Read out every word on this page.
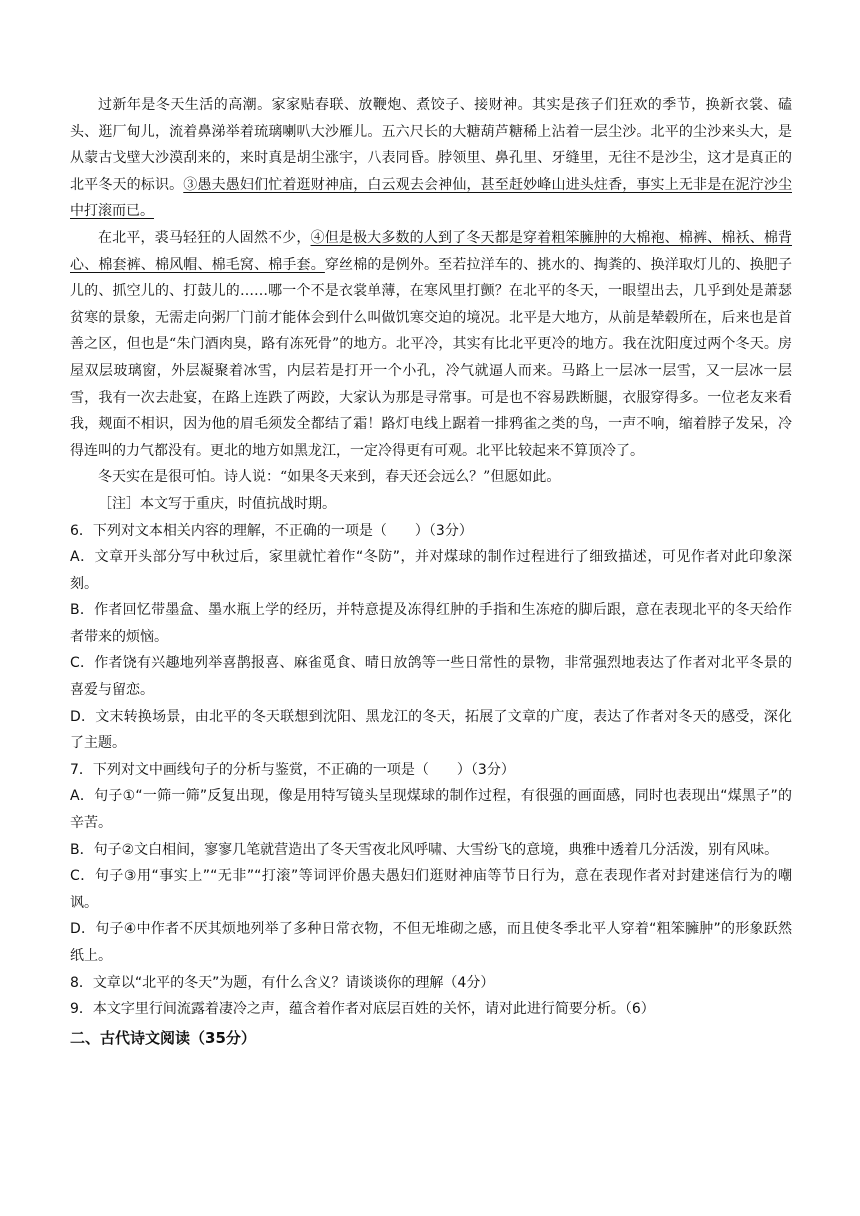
过新年是冬天生活的高潮。家家贴春联、放鞭炮、煮饺子、接财神。其实是孩子们狂欢的季节，换新衣裳、磕头、逛厂甸儿，流着鼻涕举着琉璃喇叭大沙雁儿。五六尺长的大糖葫芦糖稀上沾着一层尘沙。北平的尘沙来头大，是从蒙古戈壁大沙漠刮来的，来时真是胡尘涨宇，八表同昏。脖领里、鼻孔里、牙缝里，无往不是沙尘，这才是真正的北平冬天的标识。③愚夫愚妇们忙着逛财神庙，白云观去会神仙，甚至赶妙峰山进头炷香，事实上无非是在泥泞沙尘中打滚而已。

在北平，裘马轻狂的人固然不少，④但是极大多数的人到了冬天都是穿着粗笨臃肿的大棉袍、棉裤、棉袄、棉背心、棉套裤、棉风帽、棉毛窝、棉手套。穿丝棉的是例外。至若拉洋车的、挑水的、掏粪的、换洋取灯儿的、换肥子儿的、抓空儿的、打鼓儿的……哪一个不是衣裳单薄，在寒风里打颤？在北平的冬天，一眼望出去，几乎到处是萧瑟贫寒的景象，无需走向粥厂门前才能体会到什么叫做饥寒交迫的境况。北平是大地方，从前是辇毂所在，后来也是首善之区，但也是“朱门酒肉臭，路有冻死骨”的地方。北平冷，其实有比北平更冷的地方。我在沈阳度过两个冬天。房屋双层玻璃窗，外层凝聚着冰雪，内层若是打开一个小孔，冷气就逼人而来。马路上一层冰一层雪，又一层冰一层雪，我有一次去赴宴，在路上连跌了两跤，大家认为那是寻常事。可是也不容易跌断腿，衣服穿得多。一位老友来看我，觌面不相识，因为他的眉毛须发全都结了霜！路灯电线上踞着一排鸦雀之类的鸟，一声不响，缩着脖子发呆，冷得连叫的力气都没有。更北的地方如黑龙江，一定冷得更有可观。北平比较起来不算顶冷了。

冬天实在是很可怕。诗人说：“如果冬天来到，春天还会远么？”但愿如此。

［注］本文写于重庆，时值抗战时期。

6．下列对文本相关内容的理解，不正确的一项是（　　）（3分）

A．文章开头部分写中秋过后，家里就忙着作“冬防”，并对煤球的制作过程进行了细致描述，可见作者对此印象深刻。

B．作者回忆带墨盒、墨水瓶上学的经历，并特意提及冻得红肿的手指和生冻疮的脚后跟，意在表现北平的冬天给作者带来的烦恼。

C．作者饶有兴趣地列举喜鹊报喜、麻雀觅食、晴日放鸽等一些日常性的景物，非常强烈地表达了作者对北平冬景的喜爱与留恋。

D．文末转换场景，由北平的冬天联想到沈阳、黑龙江的冬天，拓展了文章的广度，表达了作者对冬天的感受，深化了主题。

7．下列对文中画线句子的分析与鉴赏，不正确的一项是（　　）（3分）

A．句子①“一筛一筛”反复出现，像是用特写镜头呈现煤球的制作过程，有很强的画面感，同时也表现出“煤黑子”的辛苦。

B．句子②文白相间，寥寥几笔就营造出了冬天雪夜北风呼啸、大雪纷飞的意境，典雅中透着几分活泼，别有风味。

C．句子③用“事实上”“无非”“打滚”等词评价愚夫愚妇们逛财神庙等节日行为，意在表现作者对封建迷信行为的嘲讽。

D．句子④中作者不厌其烦地列举了多种日常衣物，不但无堆砌之感，而且使冬季北平人穿着“粗笨臃肿”的形象跃然纸上。

8．文章以“北平的冬天”为题，有什么含义？请谈谈你的理解（4分）

9．本文字里行间流露着凄冷之声，蕴含着作者对底层百姓的关怀，请对此进行简要分析。（6）

二、古代诗文阅读（35分）
